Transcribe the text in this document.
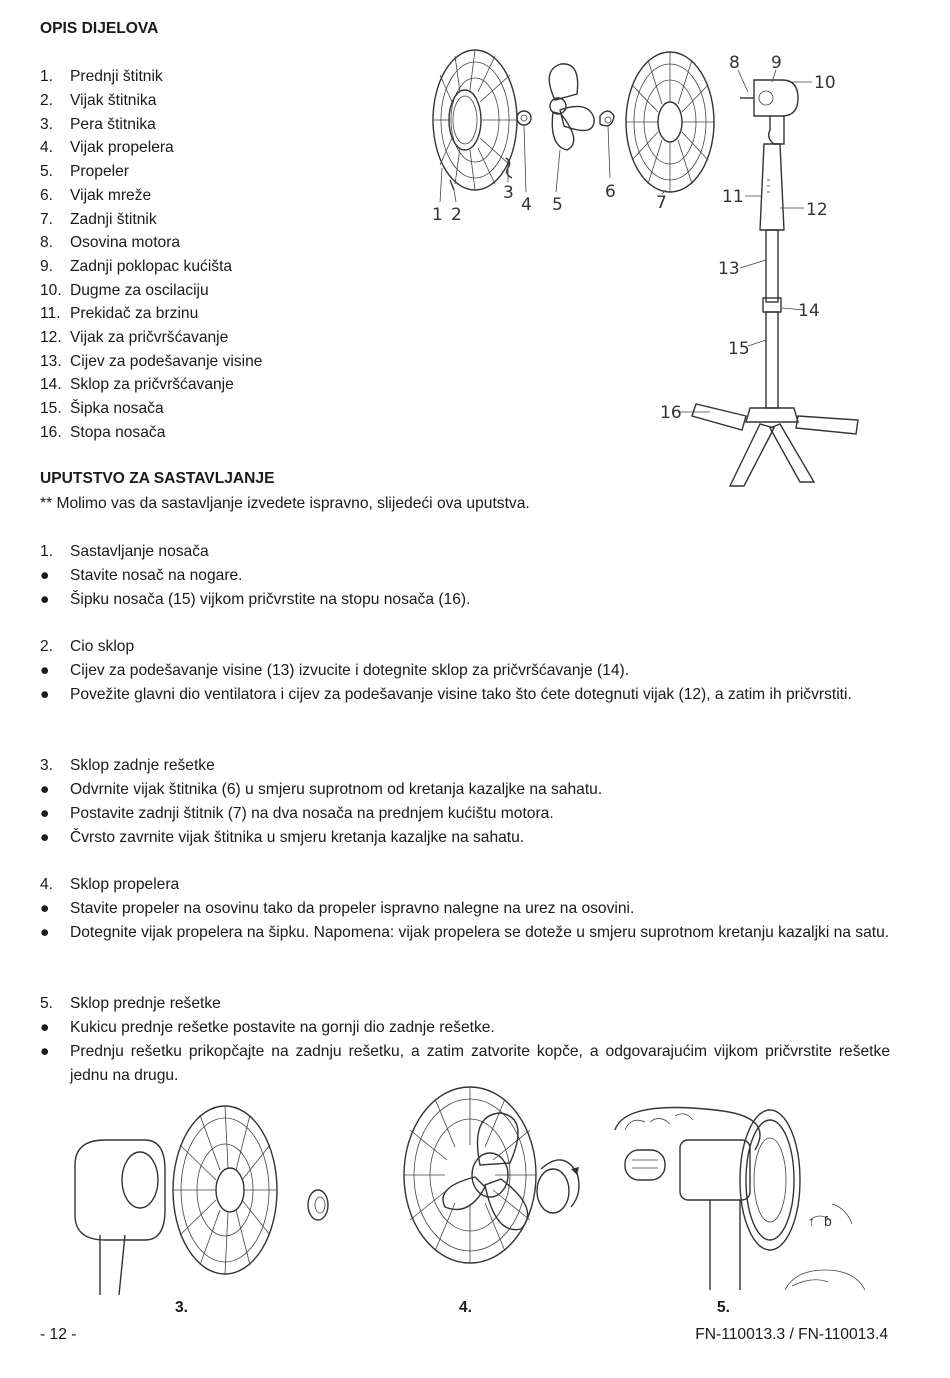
OPIS DIJELOVA
1. Prednji štitnik
2. Vijak štitnika
3. Pera štitnika
4. Vijak propelera
5. Propeler
6. Vijak mreže
7. Zadnji štitnik
8. Osovina motora
9. Zadnji poklopac kućišta
10. Dugme za oscilaciju
11. Prekidač za brzinu
12. Vijak za pričvršćavanje
13. Cijev za podešavanje visine
14. Sklop za pričvršćavanje
15. Šipka nosača
16. Stopa nosača
1 2
3
4 5
6
7
8 9
10
11
12
13
14
15
16
UPUTSTVO ZA SASTAVLJANJE
** Molimo vas da sastavljanje izvedete ispravno, slijedeći ova uputstva.
1. Sastavljanje nosača
● Stavite nosač na nogare.
● Šipku nosača (15) vijkom pričvrstite na stopu nosača (16).
2. Cio sklop
● Cijev za podešavanje visine (13) izvucite i dotegnite sklop za pričvršćavanje (14).
● Povežite glavni dio ventilatora i cijev za podešavanje visine tako što ćete dotegnuti vijak (12), a zatim ih pričvrstiti.
3. Sklop zadnje rešetke
● Odvrnite vijak štitnika (6) u smjeru suprotnom od kretanja kazaljke na sahatu.
● Postavite zadnji štitnik (7) na dva nosača na prednjem kućištu motora.
● Čvrsto zavrnite vijak štitnika u smjeru kretanja kazaljke na sahatu.
4. Sklop propelera
● Stavite propeler na osovinu tako da propeler ispravno nalegne na urez na osovini.
● Dotegnite vijak propelera na šipku. Napomena: vijak propelera se doteže u smjeru suprotnom kretanju kazaljki na satu.
5. Sklop prednje rešetke
● Kukicu prednje rešetke postavite na gornji dio zadnje rešetke.
● Prednju rešetku prikopčajte na zadnju rešetku, a zatim zatvorite kopče, a odgovarajućim vijkom pričvrstite rešetke jednu na drugu.
↑ ɓ
3.	4.	5.
- 12 -	FN-110013.3 / FN-110013.4
